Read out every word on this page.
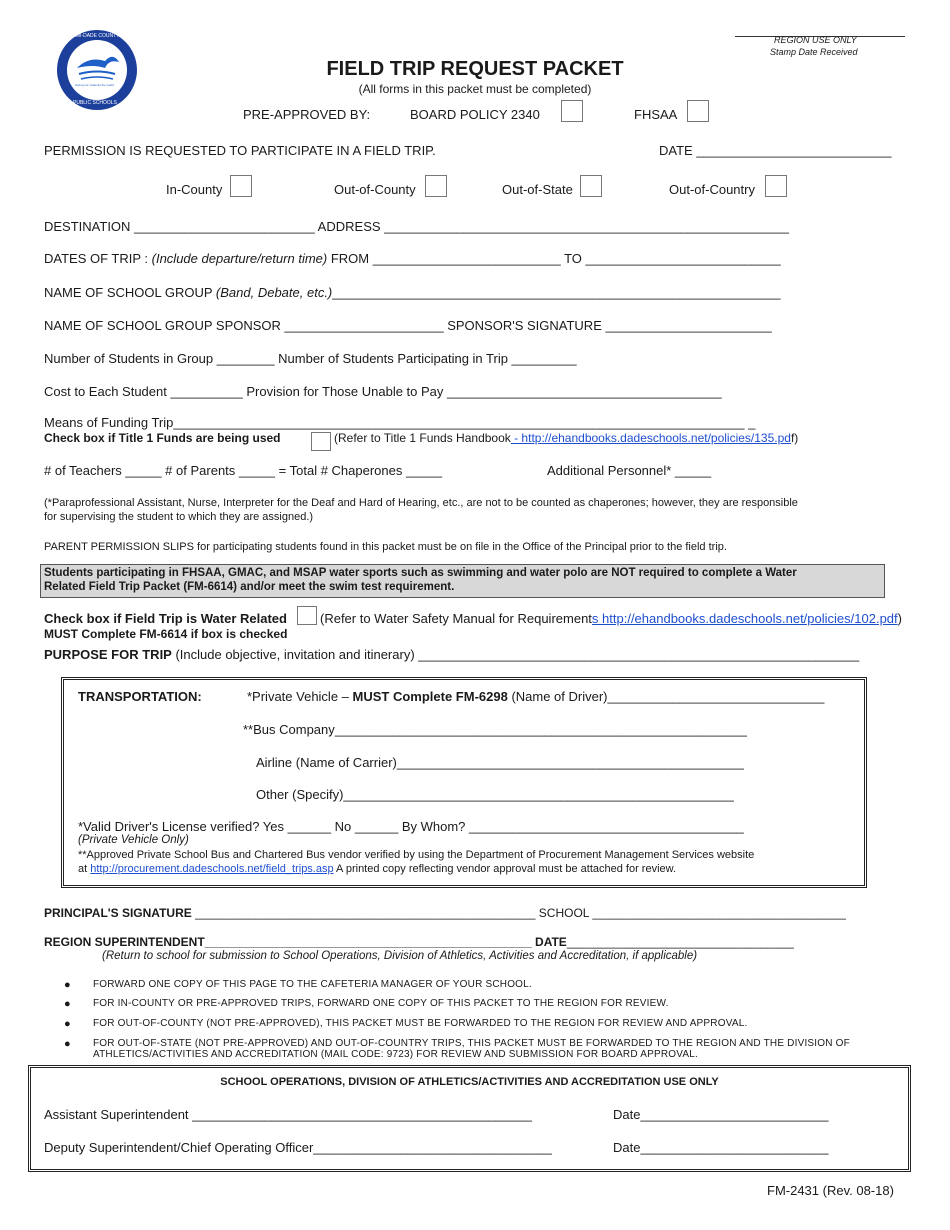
MIAMI-DADE COUNTY
Giving our students the world
PUBLIC SCHOOLS
REGION USE ONLY
Stamp Date Received
FIELD TRIP REQUEST PACKET
(All forms in this packet must be completed)
PRE-APPROVED BY:	BOARD POLICY 2340	FHSAA
PERMISSION IS REQUESTED TO PARTICIPATE IN A FIELD TRIP.	DATE ___________________________
In-County	Out-of-County	Out-of-State	Out-of-Country
DESTINATION _________________________ ADDRESS ________________________________________________________
DATES OF TRIP : (Include departure/return time) FROM __________________________ TO ___________________________
NAME OF SCHOOL GROUP (Band, Debate, etc.)______________________________________________________________
NAME OF SCHOOL GROUP SPONSOR ______________________ SPONSOR'S SIGNATURE _______________________
Number of Students in Group ________ Number of Students Participating in Trip _________
Cost to Each Student __________ Provision for Those Unable to Pay ______________________________________
Means of Funding Trip_______________________________________________________________________________ _
Check box if Title 1 Funds are being used	(Refer to Title 1 Funds Handbook - http://ehandbooks.dadeschools.net/policies/135.pdf)
# of Teachers _____ # of Parents _____ = Total # Chaperones _____	Additional Personnel* _____
(*Paraprofessional Assistant, Nurse, Interpreter for the Deaf and Hard of Hearing, etc., are not to be counted as chaperones; however, they are responsible
for supervising the student to which they are assigned.)
PARENT PERMISSION SLIPS for participating students found in this packet must be on file in the Office of the Principal prior to the field trip.
Students participating in FHSAA, GMAC, and MSAP water sports such as swimming and water polo are NOT required to complete a Water
Related Field Trip Packet (FM-6614) and/or meet the swim test requirement.
Check box if Field Trip is Water Related	(Refer to Water Safety Manual for Requirements http://ehandbooks.dadeschools.net/policies/102.pdf)
MUST Complete FM-6614 if box is checked
PURPOSE FOR TRIP (Include objective, invitation and itinerary) _____________________________________________________________
TRANSPORTATION:	*Private Vehicle – MUST Complete FM-6298 (Name of Driver)______________________________
**Bus Company_________________________________________________________
Airline (Name of Carrier)________________________________________________
Other (Specify)______________________________________________________
*Valid Driver's License verified? Yes ______ No ______ By Whom? ______________________________________
(Private Vehicle Only)
**Approved Private School Bus and Chartered Bus vendor verified by using the Department of Procurement Management Services website
at http://procurement.dadeschools.net/field_trips.asp A printed copy reflecting vendor approval must be attached for review.
PRINCIPAL'S SIGNATURE ___________________________________________________ SCHOOL ______________________________________
REGION SUPERINTENDENT_________________________________________________ DATE__________________________________
(Return to school for submission to School Operations, Division of Athletics, Activities and Accreditation, if applicable)
● FORWARD ONE COPY OF THIS PAGE TO THE CAFETERIA MANAGER OF YOUR SCHOOL.
● FOR IN-COUNTY OR PRE-APPROVED TRIPS, FORWARD ONE COPY OF THIS PACKET TO THE REGION FOR REVIEW.
● FOR OUT-OF-COUNTY (NOT PRE-APPROVED), THIS PACKET MUST BE FORWARDED TO THE REGION FOR REVIEW AND APPROVAL.
● FOR OUT-OF-STATE (NOT PRE-APPROVED) AND OUT-OF-COUNTRY TRIPS, THIS PACKET MUST BE FORWARDED TO THE REGION AND THE DIVISION OF
ATHLETICS/ACTIVITIES AND ACCREDITATION (MAIL CODE: 9723) FOR REVIEW AND SUBMISSION FOR BOARD APPROVAL.
SCHOOL OPERATIONS, DIVISION OF ATHLETICS/ACTIVITIES AND ACCREDITATION USE ONLY
Assistant Superintendent _______________________________________________	Date__________________________
Deputy Superintendent/Chief Operating Officer_________________________________	Date__________________________
FM-2431 (Rev. 08-18)
